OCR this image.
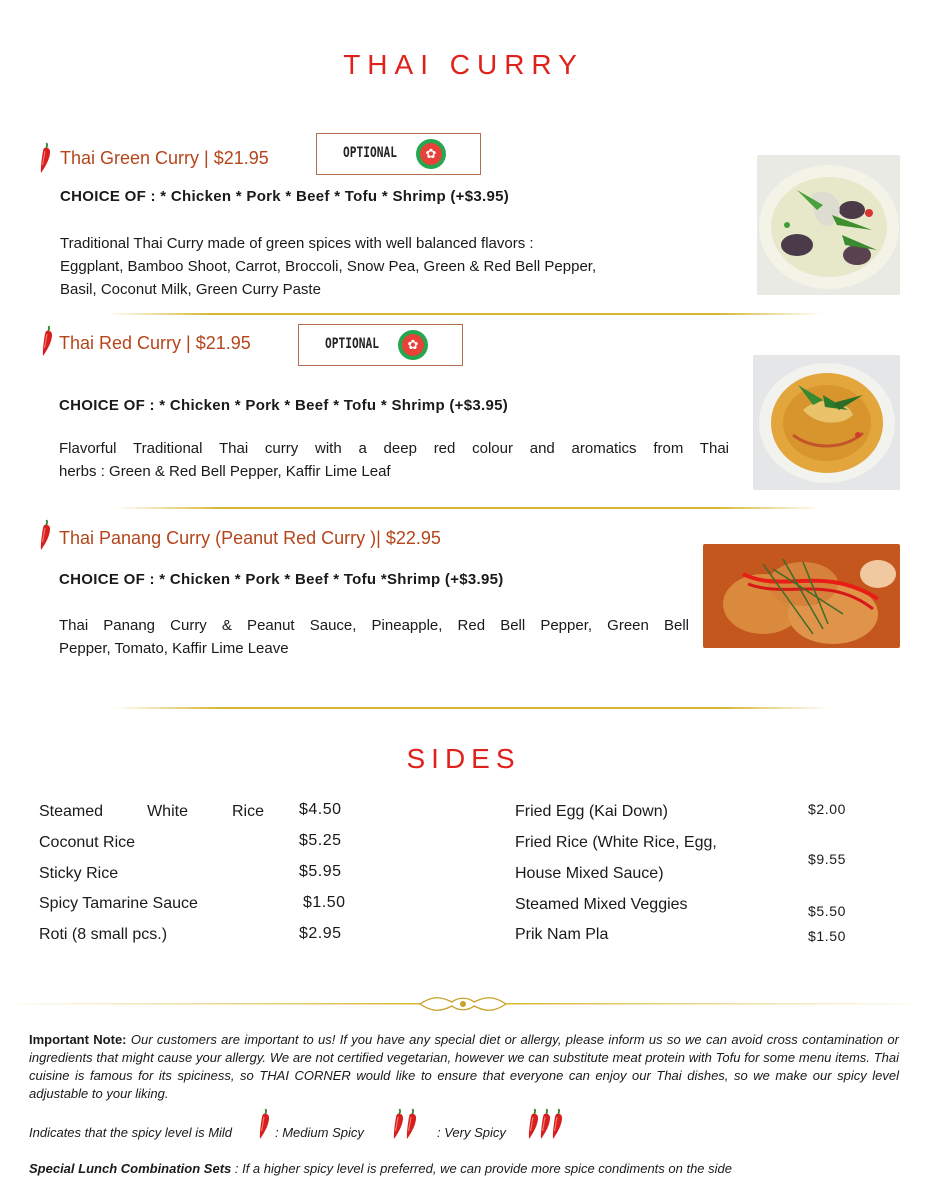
THAI CURRY
Thai Green Curry | $21.95	OPTIONAL	✿
CHOICE OF : * Chicken * Pork * Beef * Tofu * Shrimp (+$3.95)
Traditional Thai Curry made of green spices with well balanced flavors :
Eggplant, Bamboo Shoot, Carrot, Broccoli, Snow Pea, Green & Red Bell Pepper,
Basil, Coconut Milk, Green Curry Paste
Thai Red Curry | $21.95	OPTIONAL	✿
CHOICE OF : * Chicken * Pork * Beef * Tofu * Shrimp (+$3.95)
Flavorful Traditional Thai curry with a deep red colour and aromatics from Thai
herbs : Green & Red Bell Pepper, Kaffir Lime Leaf
Thai Panang Curry (Peanut Red Curry )| $22.95
CHOICE OF : * Chicken * Pork * Beef * Tofu *Shrimp (+$3.95)
Thai Panang Curry & Peanut Sauce, Pineapple, Red Bell Pepper, Green Bell
Pepper, Tomato, Kaffir Lime Leave
SIDES
Steamed	White	Rice $4.50
Coconut Rice	$5.25
Sticky Rice	$5.95
Spicy Tamarine Sauce	$1.50
Roti (8 small pcs.)	$2.95
Fried Egg (Kai Down)	$2.00
Fried Rice (White Rice, Egg,
House Mixed Sauce)
$9.55
Steamed Mixed Veggies	$5.50
Prik Nam Pla	$1.50
Important Note: Our customers are important to us! If you have any special diet or allergy, please inform us so we can avoid cross contamination or ingredients that might cause your allergy. We are not certified vegetarian, however we can substitute meat protein with Tofu for some menu items. Thai cuisine is famous for its spiciness, so THAI CORNER would like to ensure that everyone can enjoy our Thai dishes, so we make our spicy level adjustable to your liking.
Indicates that the spicy level is Mild	: Medium Spicy	: Very Spicy
Special Lunch Combination Sets : If a higher spicy level is preferred, we can provide more spice condiments on the side
